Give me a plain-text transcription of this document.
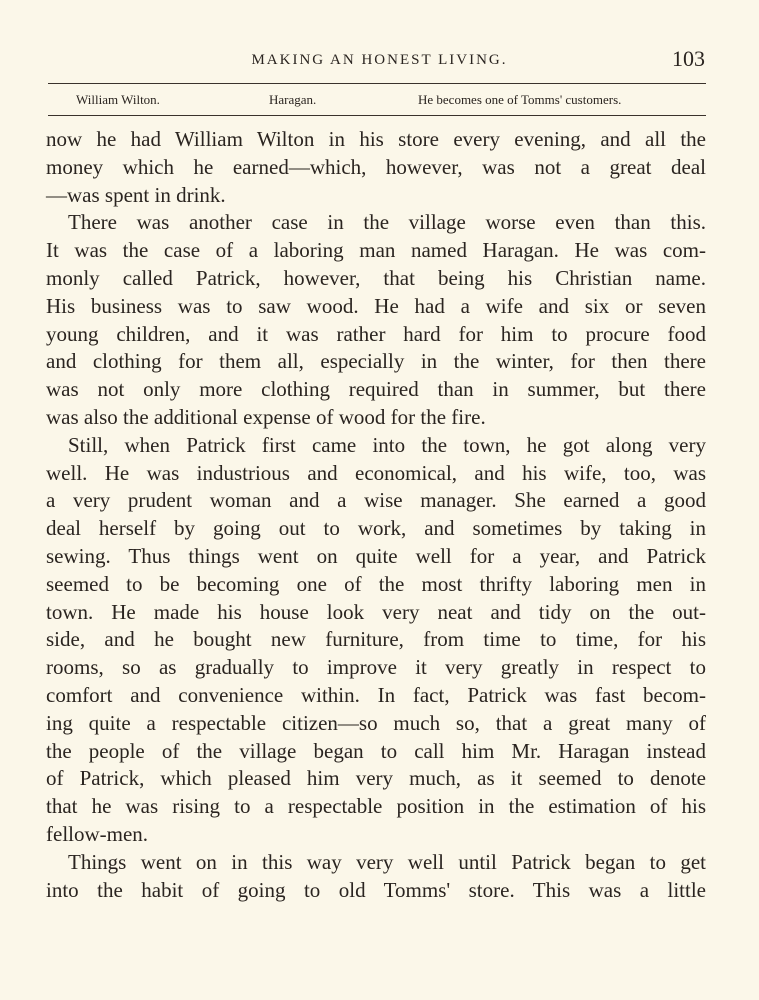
MAKING AN HONEST LIVING.	103
William Wilton.	Haragan.	He becomes one of Tomms' customers.
now he had William Wilton in his store every evening, and all the
money which he earned—which, however, was not a great deal
—was spent in drink.
There was another case in the village worse even than this.
It was the case of a laboring man named Haragan. He was com-
monly called Patrick, however, that being his Christian name.
His business was to saw wood. He had a wife and six or seven
young children, and it was rather hard for him to procure food
and clothing for them all, especially in the winter, for then there
was not only more clothing required than in summer, but there
was also the additional expense of wood for the fire.
Still, when Patrick first came into the town, he got along very
well. He was industrious and economical, and his wife, too, was
a very prudent woman and a wise manager. She earned a good
deal herself by going out to work, and sometimes by taking in
sewing. Thus things went on quite well for a year, and Patrick
seemed to be becoming one of the most thrifty laboring men in
town. He made his house look very neat and tidy on the out-
side, and he bought new furniture, from time to time, for his
rooms, so as gradually to improve it very greatly in respect to
comfort and convenience within. In fact, Patrick was fast becom-
ing quite a respectable citizen—so much so, that a great many of
the people of the village began to call him Mr. Haragan instead
of Patrick, which pleased him very much, as it seemed to denote
that he was rising to a respectable position in the estimation of his
fellow-men.
Things went on in this way very well until Patrick began to get
into the habit of going to old Tomms' store. This was a little
